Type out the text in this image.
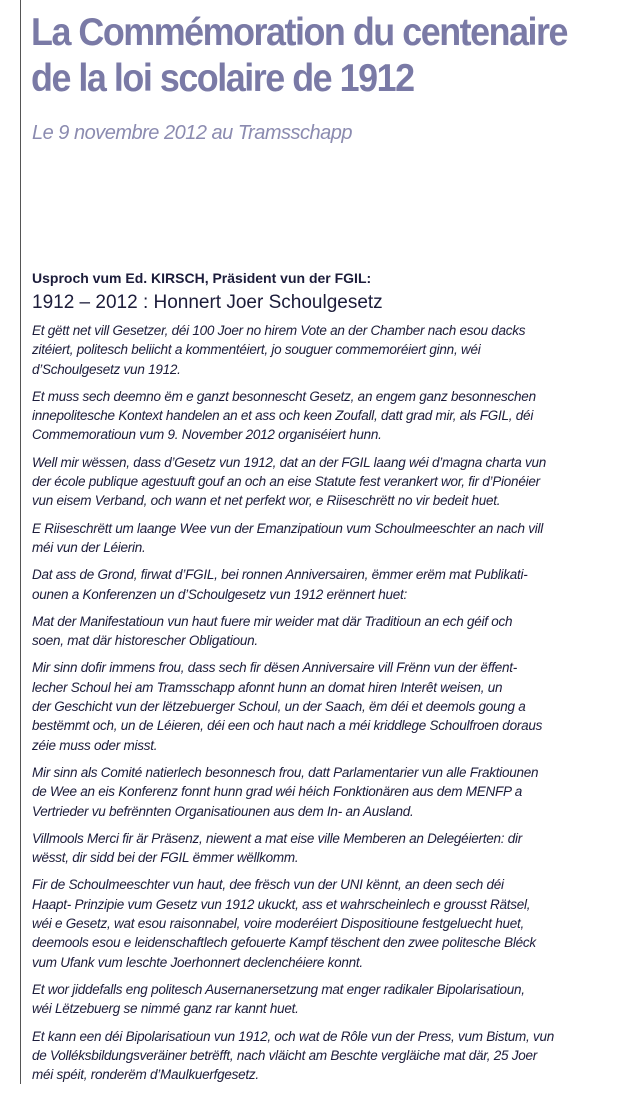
La Commémoration du centenaire
de la loi scolaire de 1912

Le 9 novembre 2012 au Tramsschapp

Usproch vum Ed. KIRSCH, Präsident vun der FGIL:

1912 – 2012 : Honnert Joer Schoulgesetz

Et gëtt net vill Gesetzer, déi 100 Joer no hirem Vote an der Chamber nach esou dacks
zitéiert, politesch beliicht a kommentéiert, jo souguer commemoréiert ginn, wéi
d’Schoulgesetz vun 1912.

Et muss sech deemno ëm e ganzt besonnescht Gesetz, an engem ganz besonneschen
innepolitesche Kontext handelen an et ass och keen Zoufall, datt grad mir, als FGIL, déi
Commemoratioun vum 9. November 2012 organiséiert hunn.

Well mir wëssen, dass d’Gesetz vun 1912, dat an der FGIL laang wéi d’magna charta vun
der école publique agestuuft gouf an och an eise Statute fest verankert wor, fir d’Pionéier
vun eisem Verband, och wann et net perfekt wor, e Riiseschrëtt no vir bedeit huet.

E Riiseschrëtt um laange Wee vun der Emanzipatioun vum Schoulmeeschter an nach vill
méi vun der Léierin.

Dat ass de Grond, firwat d’FGIL, bei ronnen Anniversairen, ëmmer erëm mat Publikati-
ounen a Konferenzen un d’Schoulgesetz vun 1912 erënnert huet:

Mat der Manifestatioun vun haut fuere mir weider mat där Traditioun an ech géif och
soen, mat där historescher Obligatioun.

Mir sinn dofir immens frou, dass sech fir dësen Anniversaire vill Frënn vun der ëffent-
lecher Schoul hei am Tramsschapp afonnt hunn an domat hiren Interêt weisen, un
der Geschicht vun der lëtzebuerger Schoul, un der Saach, ëm déi et deemols goung a
bestëmmt och, un de Léieren, déi een och haut nach a méi kriddlege Schoulfroen doraus
zéie muss oder misst.

Mir sinn als Comité natierlech besonnesch frou, datt Parlamentarier vun alle Fraktiounen
de Wee an eis Konferenz fonnt hunn grad wéi héich Fonktionären aus dem MENFP a
Vertrieder vu befrënnten Organisatiounen aus dem In- an Ausland.

Villmools Merci fir är Präsenz, niewent a mat eise ville Memberen an Delegéierten: dir
wësst, dir sidd bei der FGIL ëmmer wëllkomm.

Fir de Schoulmeeschter vun haut, dee frësch vun der UNI kënnt, an deen sech déi
Haapt- Prinzipie vum Gesetz vun 1912 ukuckt, ass et wahrscheinlech e grousst Rätsel,
wéi e Gesetz, wat esou raisonnabel, voire moderéiert Dispositioune festgeluecht huet,
deemools esou e leidenschaftlech gefouerte Kampf tëschent den zwee politesche Bléck
vum Ufank vum leschte Joerhonnert declenchéiere konnt.

Et wor jiddefalls eng politesch Ausernanersetzung mat enger radikaler Bipolarisatioun,
wéi Lëtzebuerg se nimmé ganz rar kannt huet.

Et kann een déi Bipolarisatioun vun 1912, och wat de Rôle vun der Press, vum Bistum, vun
de Volléksbildungsveräiner betrëfft, nach vläicht am Beschte vergläiche mat där, 25 Joer
méi spéit, ronderëm d’Maulkuerfgesetz.
